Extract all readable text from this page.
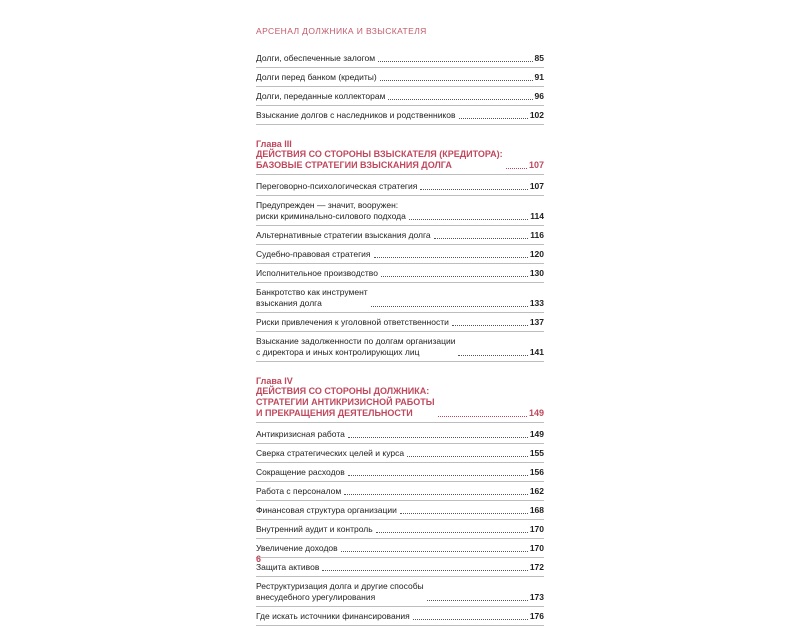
АРСЕНАЛ ДОЛЖНИКА И ВЗЫСКАТЕЛЯ
Долги, обеспеченные залогом	85
Долги перед банком (кредиты)	91
Долги, переданные коллекторам	96
Взыскание долгов с наследников и родственников	102
Глава III
ДЕЙСТВИЯ СО СТОРОНЫ ВЗЫСКАТЕЛЯ (КРЕДИТОРА):
БАЗОВЫЕ СТРАТЕГИИ ВЗЫСКАНИЯ ДОЛГА	107
Переговорно-психологическая стратегия	107
Предупрежден — значит, вооружен:
риски криминально-силового подхода	114
Альтернативные стратегии взыскания долга	116
Судебно-правовая стратегия	120
Исполнительное производство	130
Банкротство как инструмент
взыскания долга	133
Риски привлечения к уголовной ответственности	137
Взыскание задолженности по долгам организации
с директора и иных контролирующих лиц	141
Глава IV
ДЕЙСТВИЯ СО СТОРОНЫ ДОЛЖНИКА:
СТРАТЕГИИ АНТИКРИЗИСНОЙ РАБОТЫ
И ПРЕКРАЩЕНИЯ ДЕЯТЕЛЬНОСТИ	149
Антикризисная работа	149
Сверка стратегических целей и курса	155
Сокращение расходов	156
Работа с персоналом	162
Финансовая структура организации	168
Внутренний аудит и контроль	170
Увеличение доходов	170
Защита активов	172
Реструктуризация долга и другие способы
внесудебного урегулирования	173
Где искать источники финансирования	176
6
